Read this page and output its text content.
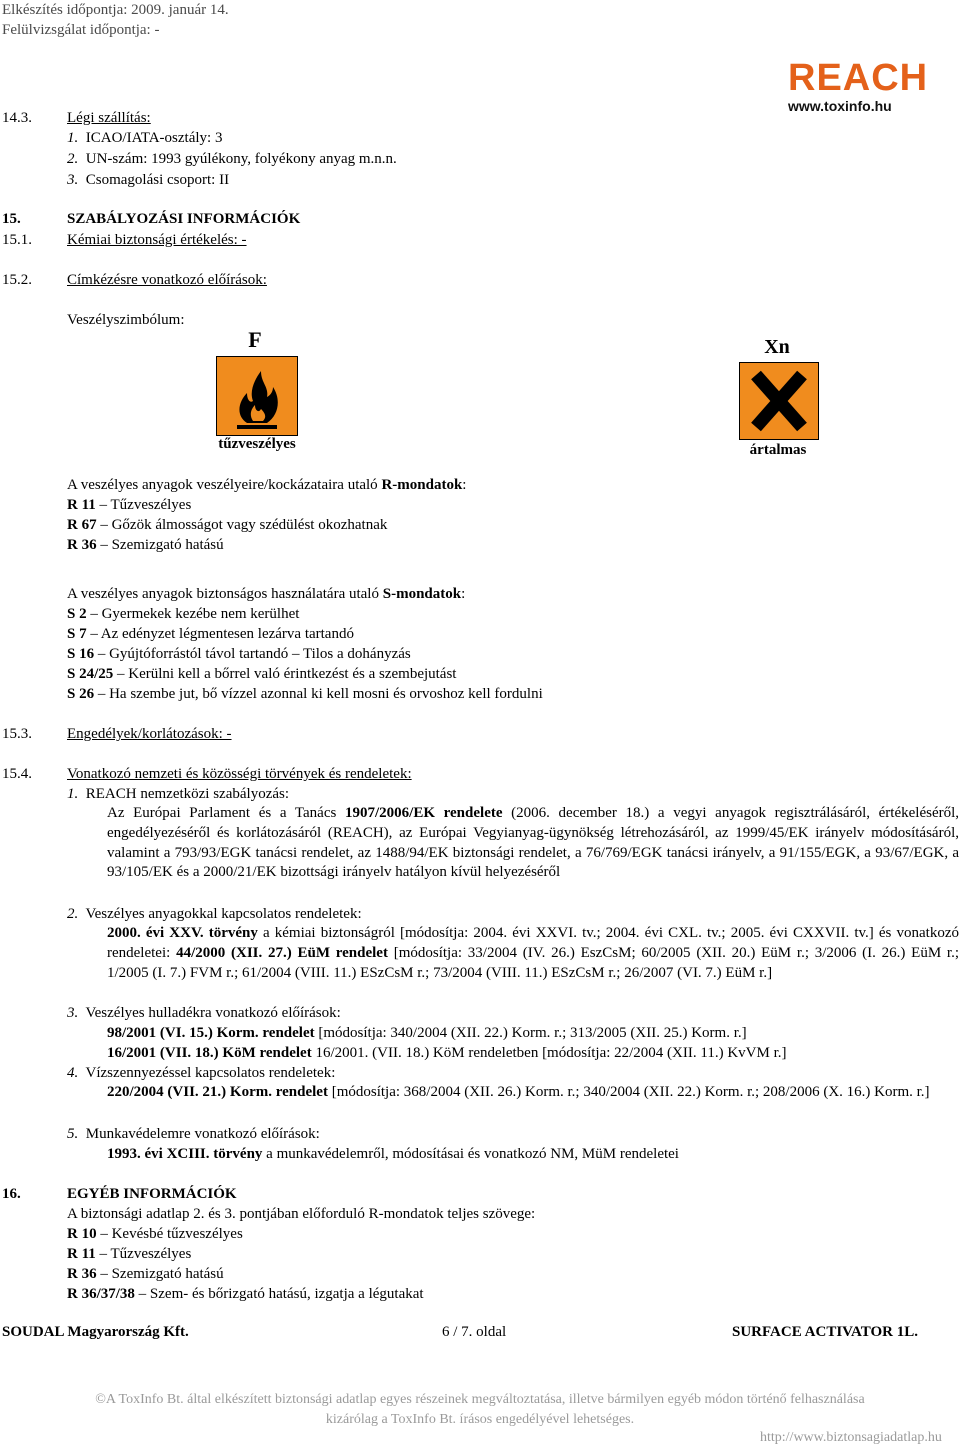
Elkészítés időpontja: 2009. január 14.
Felülvizsgálat időpontja: -
REACH
www.toxinfo.hu
14.3. Légi szállítás:
1. ICAO/IATA-osztály: 3
2. UN-szám: 1993 gyúlékony, folyékony anyag m.n.n.
3. Csomagolási csoport: II
15.	SZABÁLYOZÁSI INFORMÁCIÓK
15.1. Kémiai biztonsági értékelés: -
15.2. Címkézésre vonatkozó előírások:
Veszélyszimbólum:
F
tűzveszélyes
Xn
ártalmas
A veszélyes anyagok veszélyeire/kockázataira utaló R-mondatok:
R 11 – Tűzveszélyes
R 67 – Gőzök álmosságot vagy szédülést okozhatnak
R 36 – Szemizgató hatású
A veszélyes anyagok biztonságos használatára utaló S-mondatok:
S 2 – Gyermekek kezébe nem kerülhet
S 7 – Az edényzet légmentesen lezárva tartandó
S 16 – Gyújtóforrástól távol tartandó – Tilos a dohányzás
S 24/25 – Kerülni kell a bőrrel való érintkezést és a szembejutást
S 26 – Ha szembe jut, bő vízzel azonnal ki kell mosni és orvoshoz kell fordulni
15.3. Engedélyek/korlátozások: -
15.4. Vonatkozó nemzeti és közösségi törvények és rendeletek:
1. REACH nemzetközi szabályozás:
Az Európai Parlament és a Tanács 1907/2006/EK rendelete (2006. december 18.) a vegyi anyagok regisztrálásáról, értékeléséről, engedélyezéséről és korlátozásáról (REACH), az Európai Vegyianyag-ügynökség létrehozásáról, az 1999/45/EK irányelv módosításáról, valamint a 793/93/EGK tanácsi rendelet, az 1488/94/EK biztonsági rendelet, a 76/769/EGK tanácsi irányelv, a 91/155/EGK, a 93/67/EGK, a 93/105/EK és a 2000/21/EK bizottsági irányelv hatályon kívül helyezéséről
2. Veszélyes anyagokkal kapcsolatos rendeletek:
2000. évi XXV. törvény a kémiai biztonságról [módosítja: 2004. évi XXVI. tv.; 2004. évi CXL. tv.; 2005. évi CXXVII. tv.] és vonatkozó rendeletei: 44/2000 (XII. 27.) EüM rendelet [módosítja: 33/2004 (IV. 26.) EszCsM; 60/2005 (XII. 20.) EüM r.; 3/2006 (I. 26.) EüM r.; 1/2005 (I. 7.) FVM r.; 61/2004 (VIII. 11.) ESzCsM r.; 73/2004 (VIII. 11.) ESzCsM r.; 26/2007 (VI. 7.) EüM r.]
3. Veszélyes hulladékra vonatkozó előírások:
98/2001 (VI. 15.) Korm. rendelet [módosítja: 340/2004 (XII. 22.) Korm. r.; 313/2005 (XII. 25.) Korm. r.]
16/2001 (VII. 18.) KöM rendelet 16/2001. (VII. 18.) KöM rendeletben [módosítja: 22/2004 (XII. 11.) KvVM r.]
4. Vízszennyezéssel kapcsolatos rendeletek:
220/2004 (VII. 21.) Korm. rendelet [módosítja: 368/2004 (XII. 26.) Korm. r.; 340/2004 (XII. 22.) Korm. r.; 208/2006 (X. 16.) Korm. r.]
5. Munkavédelemre vonatkozó előírások:
1993. évi XCIII. törvény a munkavédelemről, módosításai és vonatkozó NM, MüM rendeletei
16.	EGYÉB INFORMÁCIÓK
A biztonsági adatlap 2. és 3. pontjában előforduló R-mondatok teljes szövege:
R 10 – Kevésbé tűzveszélyes
R 11 – Tűzveszélyes
R 36 – Szemizgató hatású
R 36/37/38 – Szem- és bőrizgató hatású, izgatja a légutakat
SOUDAL Magyarország Kft.	6 / 7. oldal	SURFACE ACTIVATOR 1L.
©A ToxInfo Bt. által elkészített biztonsági adatlap egyes részeinek megváltoztatása, illetve bármilyen egyéb módon történő felhasználása
kizárólag a ToxInfo Bt. írásos engedélyével lehetséges.
http://www.biztonsagiadatlap.hu
